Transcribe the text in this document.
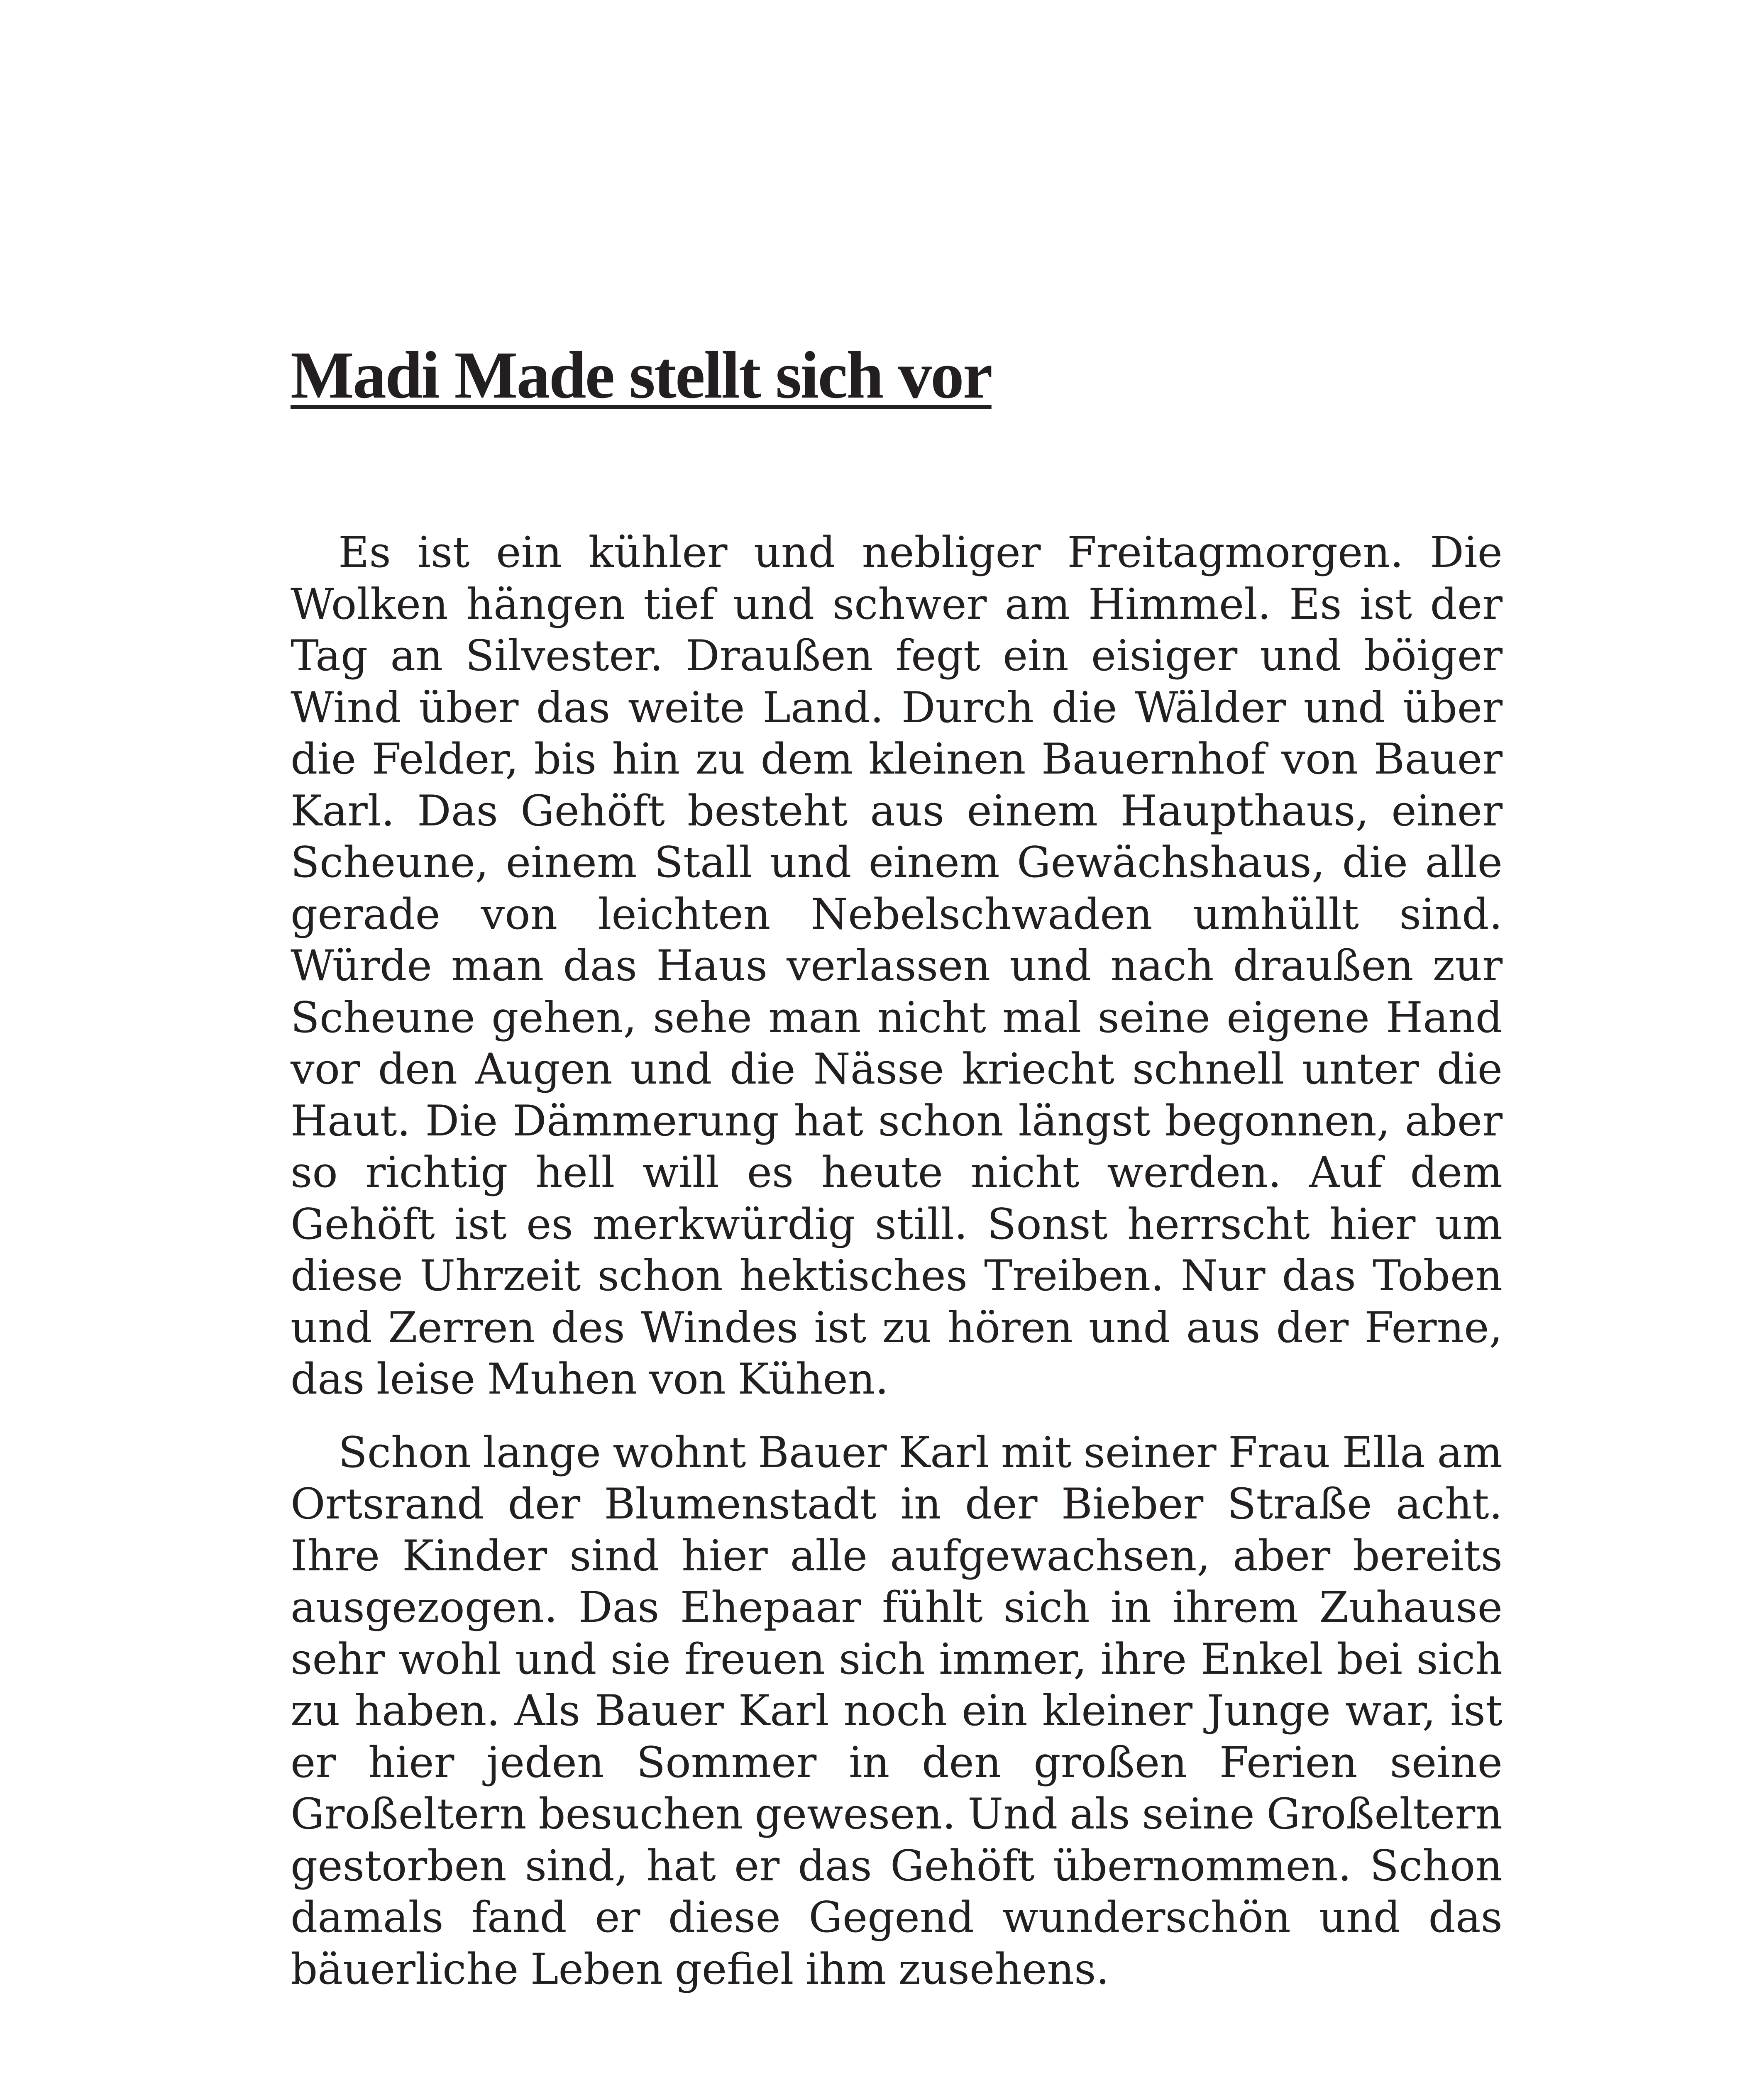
Madi Made stellt sich vor

Es ist ein kühler und nebliger Freitagmorgen. Die Wolken hängen tief und schwer am Himmel. Es ist der Tag an Silvester. Draußen fegt ein eisiger und böiger Wind über das weite Land. Durch die Wälder und über die Felder, bis hin zu dem kleinen Bauernhof von Bauer Karl. Das Gehöft besteht aus einem Haupthaus, einer Scheune, einem Stall und einem Gewächshaus, die alle gerade von leichten Nebelschwaden umhüllt sind. Würde man das Haus verlassen und nach draußen zur Scheune gehen, sehe man nicht mal seine eigene Hand vor den Augen und die Nässe kriecht schnell unter die Haut. Die Dämmerung hat schon längst begonnen, aber so richtig hell will es heute nicht werden. Auf dem Gehöft ist es merkwürdig still. Sonst herrscht hier um diese Uhrzeit schon hektisches Treiben. Nur das Toben und Zerren des Windes ist zu hören und aus der Ferne, das leise Muhen von Kühen.

Schon lange wohnt Bauer Karl mit seiner Frau Ella am Ortsrand der Blumenstadt in der Bieber Straße acht. Ihre Kinder sind hier alle aufgewachsen, aber bereits ausgezogen. Das Ehepaar fühlt sich in ihrem Zuhause sehr wohl und sie freuen sich immer, ihre Enkel bei sich zu haben. Als Bauer Karl noch ein kleiner Junge war, ist er hier jeden Sommer in den großen Ferien seine Großeltern besuchen gewesen. Und als seine Großeltern gestorben sind, hat er das Gehöft übernommen. Schon damals fand er diese Gegend wunderschön und das bäuerliche Leben gefiel ihm zusehens.
